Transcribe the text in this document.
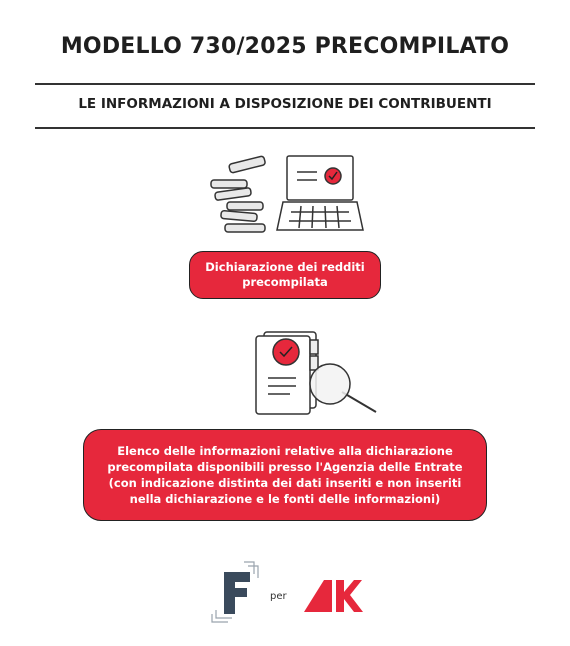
MODELLO 730/2025 PRECOMPILATO
LE INFORMAZIONI A DISPOSIZIONE DEI CONTRIBUENTI
Dichiarazione dei redditi
precompilata
Elenco delle informazioni relative alla dichiarazione
precompilata disponibili presso l'Agenzia delle Entrate
(con indicazione distinta dei dati inseriti e non inseriti
nella dichiarazione e le fonti delle informazioni)
per
